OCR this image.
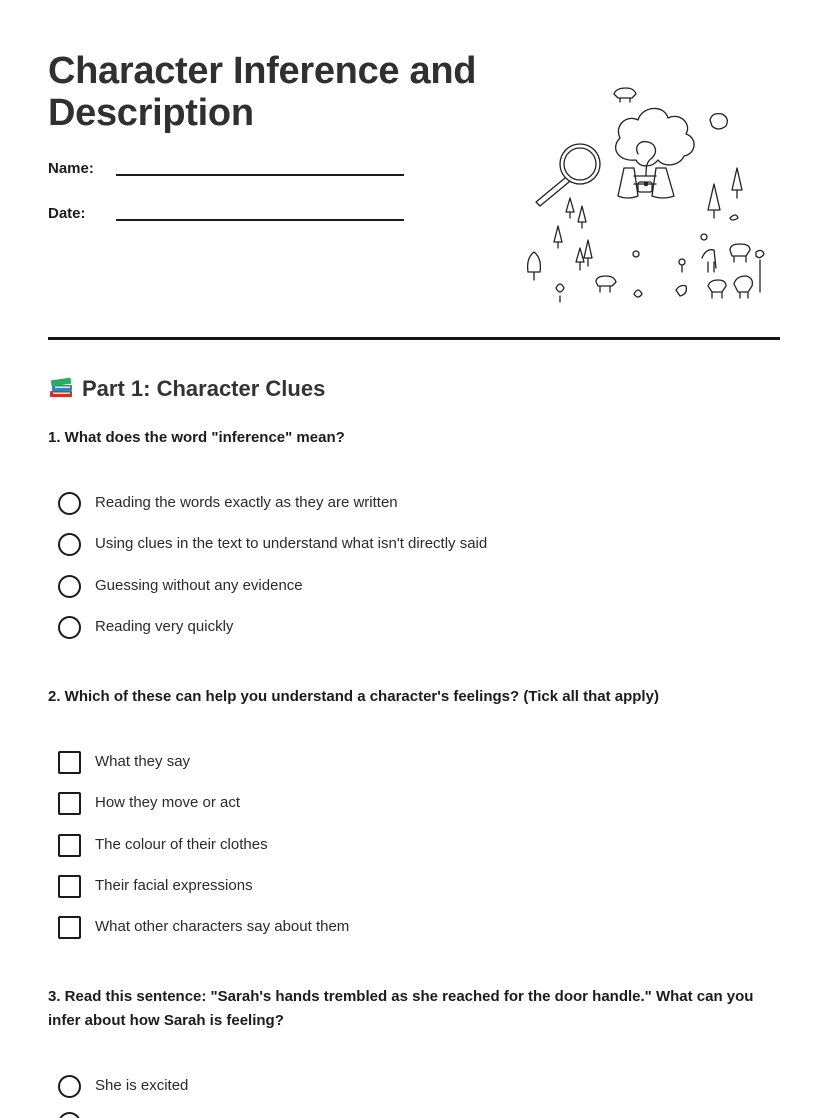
Character Inference and
Description
Name:
Date:
Part 1: Character Clues
1. What does the word "inference" mean?
Reading the words exactly as they are written
Using clues in the text to understand what isn't directly said
Guessing without any evidence
Reading very quickly
2. Which of these can help you understand a character's feelings? (Tick all that apply)
What they say
How they move or act
The colour of their clothes
Their facial expressions
What other characters say about them
3. Read this sentence: "Sarah's hands trembled as she reached for the door handle." What can you infer about how Sarah is feeling?
She is excited
